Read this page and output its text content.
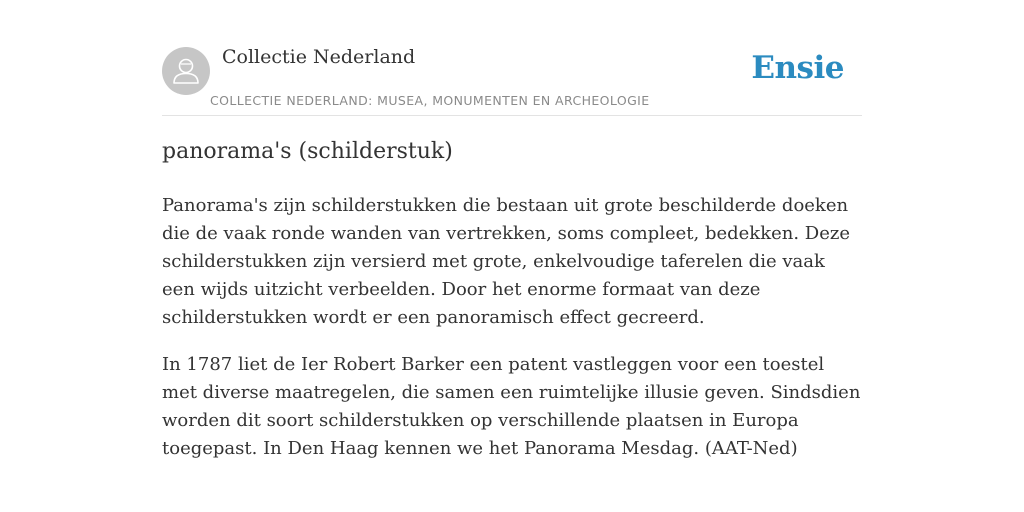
Collectie Nederland
COLLECTIE NEDERLAND: MUSEA, MONUMENTEN EN ARCHEOLOGIE
Ensie
panorama's (schilderstuk)

Panorama's zijn schilderstukken die bestaan uit grote beschilderde doeken die de vaak ronde wanden van vertrekken, soms compleet, bedekken. Deze schilderstukken zijn versierd met grote, enkelvoudige taferelen die vaak een wijds uitzicht verbeelden. Door het enorme formaat van deze schilderstukken wordt er een panoramisch effect gecreerd.

In 1787 liet de Ier Robert Barker een patent vastleggen voor een toestel met diverse maatregelen, die samen een ruimtelijke illusie geven. Sindsdien worden dit soort schilderstukken op verschillende plaatsen in Europa toegepast. In Den Haag kennen we het Panorama Mesdag. (AAT-Ned)
